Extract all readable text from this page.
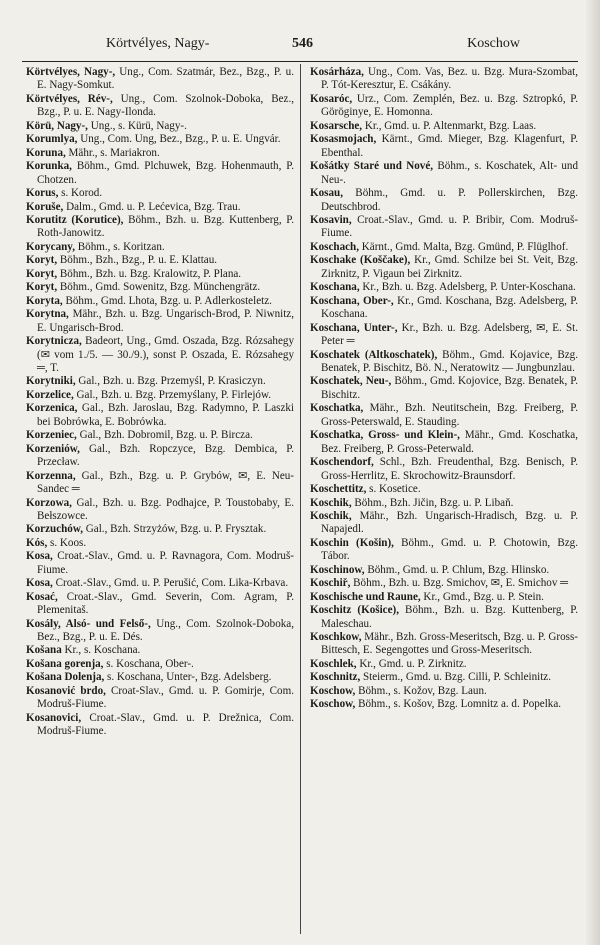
Körtvélyes, Nagy-	546	Koschow

Körtvélyes, Nagy-, Ung., Com. Szatmár, Bez., Bzg., P. u. E. Nagy-Somkut.

Körtvélyes, Rév-, Ung., Com. Szolnok-Doboka, Bez., Bzg., P. u. E. Nagy-Ilonda.

Körü, Nagy-, Ung., s. Kürü, Nagy-.

Korumlya, Ung., Com. Ung, Bez., Bzg., P. u. E. Ungvár.

Koruna, Mähr., s. Mariakron.

Korunka, Böhm., Gmd. Plchuwek, Bzg. Hohenmauth, P. Chotzen.

Korus, s. Korod.

Koruše, Dalm., Gmd. u. P. Lećevica, Bzg. Trau.

Korutitz (Korutice), Böhm., Bzh. u. Bzg. Kuttenberg, P. Roth-Janowitz.

Korycany, Böhm., s. Koritzan.

Koryt, Böhm., Bzh., Bzg., P. u. E. Klattau.

Koryt, Böhm., Bzh. u. Bzg. Kralowitz, P. Plana.

Koryt, Böhm., Gmd. Sowenitz, Bzg. Münchengrätz.

Koryta, Böhm., Gmd. Lhota, Bzg. u. P. Adlerkosteletz.

Korytna, Mähr., Bzh. u. Bzg. Ungarisch-Brod, P. Niwnitz, E. Ungarisch-Brod.

Korytnicza, Badeort, Ung., Gmd. Oszada, Bzg. Rózsahegy (✉ vom 1./5. — 30./9.), sonst P. Oszada, E. Rózsahegy ═, T.

Korytniki, Gal., Bzh. u. Bzg. Przemyśl, P. Krasiczyn.

Korzelice, Gal., Bzh. u. Bzg. Przemyślany, P. Firlejów.

Korzenica, Gal., Bzh. Jaroslau, Bzg. Radymno, P. Laszki bei Bobrówka, E. Bobrówka.

Korzeniec, Gal., Bzh. Dobromil, Bzg. u. P. Bircza.

Korzeniów, Gal., Bzh. Ropczyce, Bzg. Dembica, P. Przecław.

Korzenna, Gal., Bzh., Bzg. u. P. Grybów, ✉, E. Neu-Sandec ═

Korzowa, Gal., Bzh. u. Bzg. Podhajce, P. Toustobaby, E. Bełszowce.

Korzuchów, Gal., Bzh. Strzyżów, Bzg. u. P. Frysztak.

Kós, s. Koos.

Kosa, Croat.-Slav., Gmd. u. P. Ravnagora, Com. Modruš-Fiume.

Kosa, Croat.-Slav., Gmd. u. P. Perušić, Com. Lika-Krbava.

Kosać, Croat.-Slav., Gmd. Severin, Com. Agram, P. Plemenitaš.

Kosály, Alsó- und Felső-, Ung., Com. Szolnok-Doboka, Bez., Bzg., P. u. E. Dés.

Košana Kr., s. Koschana.

Košana gorenja, s. Koschana, Ober-.

Košana Dolenja, s. Koschana, Unter-, Bzg. Adelsberg.

Kosanović brdo, Croat-Slav., Gmd. u. P. Gomirje, Com. Modruš-Fiume.

Kosanovici, Croat.-Slav., Gmd. u. P. Drežnica, Com. Modruš-Fiume.

Kosárháza, Ung., Com. Vas, Bez. u. Bzg. Mura-Szombat, P. Tót-Keresztur, E. Csákány.

Kosaróc, Urz., Com. Zemplén, Bez. u. Bzg. Sztropkó, P. Göröginye, E. Homonna.

Kosarsche, Kr., Gmd. u. P. Altenmarkt, Bzg. Laas.

Kosasmojach, Kärnt., Gmd. Mieger, Bzg. Klagenfurt, P. Ebenthal.

Košátky Staré und Nové, Böhm., s. Koschatek, Alt- und Neu-.

Kosau, Böhm., Gmd. u. P. Pollerskirchen, Bzg. Deutschbrod.

Kosavin, Croat.-Slav., Gmd. u. P. Bribir, Com. Modruš-Fiume.

Koschach, Kärnt., Gmd. Malta, Bzg. Gmünd, P. Flüglhof.

Koschake (Koščake), Kr., Gmd. Schilze bei St. Veit, Bzg. Zirknitz, P. Vigaun bei Zirknitz.

Koschana, Kr., Bzh. u. Bzg. Adelsberg, P. Unter-Koschana.

Koschana, Ober-, Kr., Gmd. Koschana, Bzg. Adelsberg, P. Koschana.

Koschana, Unter-, Kr., Bzh. u. Bzg. Adelsberg, ✉, E. St. Peter ═

Koschatek (Altkoschatek), Böhm., Gmd. Kojavice, Bzg. Benatek, P. Bischitz, Bö. N., Neratowitz — Jungbunzlau.

Koschatek, Neu-, Böhm., Gmd. Kojovice, Bzg. Benatek, P. Bischitz.

Koschatka, Mähr., Bzh. Neutitschein, Bzg. Freiberg, P. Gross-Peterswald, E. Stauding.

Koschatka, Gross- und Klein-, Mähr., Gmd. Koschatka, Bez. Freiberg, P. Gross-Peterwald.

Koschendorf, Schl., Bzh. Freudenthal, Bzg. Benisch, P. Gross-Herrlitz, E. Skrochowitz-Braunsdorf.

Koschettitz, s. Kosetice.

Koschik, Böhm., Bzh. Jičin, Bzg. u. P. Libaň.

Koschik, Mähr., Bzh. Ungarisch-Hradisch, Bzg. u. P. Napajedl.

Koschin (Košin), Böhm., Gmd. u. P. Chotowin, Bzg. Tábor.

Koschinow, Böhm., Gmd. u. P. Chlum, Bzg. Hlinsko.

Koschiř, Böhm., Bzh. u. Bzg. Smichov, ✉, E. Smichov ═

Koschische und Raune, Kr., Gmd., Bzg. u. P. Stein.

Koschitz (Košice), Böhm., Bzh. u. Bzg. Kuttenberg, P. Maleschau.

Koschkow, Mähr., Bzh. Gross-Meseritsch, Bzg. u. P. Gross-Bittesch, E. Segengottes und Gross-Meseritsch.

Koschlek, Kr., Gmd. u. P. Zirknitz.

Koschnitz, Steierm., Gmd. u. Bzg. Cilli, P. Schleinitz.

Koschow, Böhm., s. Kožov, Bzg. Laun.

Koschow, Böhm., s. Košov, Bzg. Lomnitz a. d. Popelka.
